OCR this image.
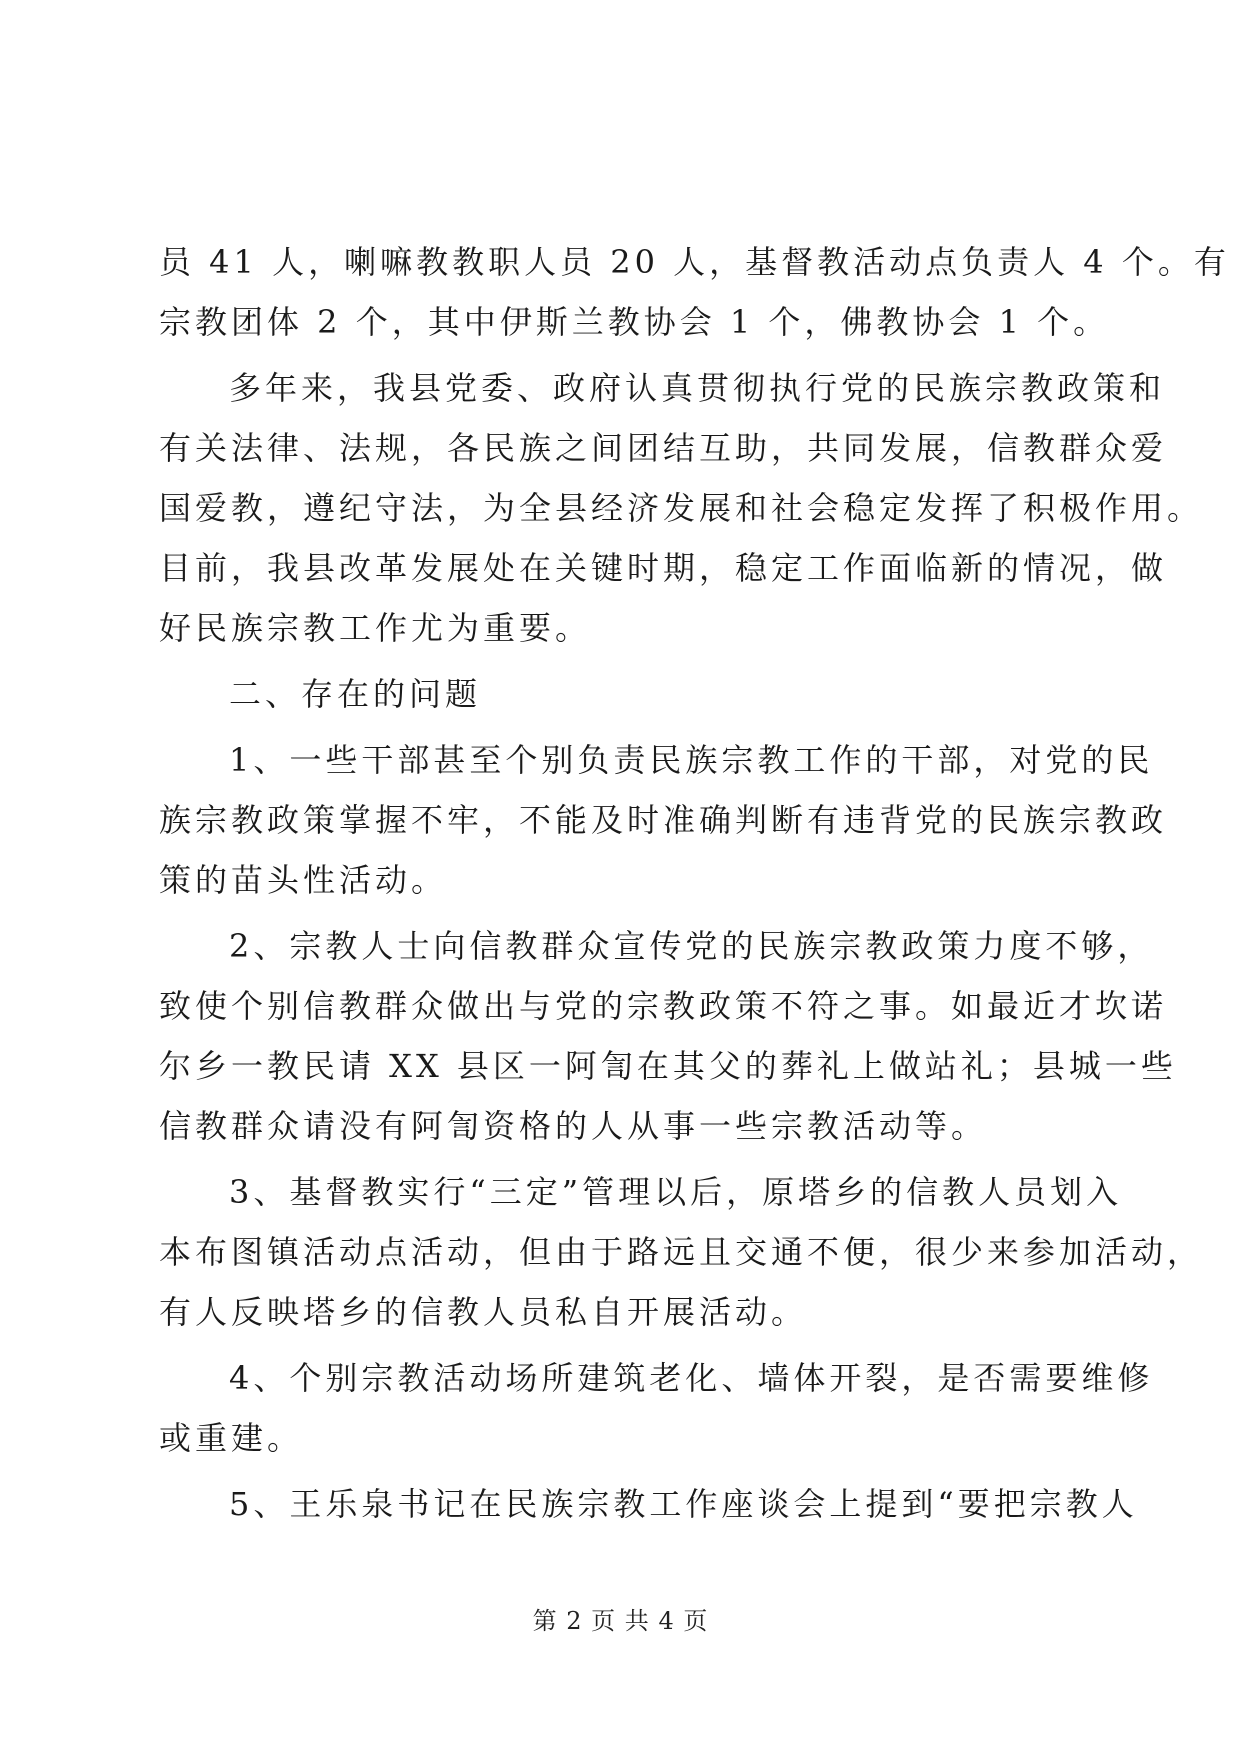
员 41 人，喇嘛教教职人员 20 人，基督教活动点负责人 4 个。有
宗教团体 2 个，其中伊斯兰教协会 1 个，佛教协会 1 个。
多年来，我县党委、政府认真贯彻执行党的民族宗教政策和
有关法律、法规，各民族之间团结互助，共同发展，信教群众爱
国爱教，遵纪守法，为全县经济发展和社会稳定发挥了积极作用。
目前，我县改革发展处在关键时期，稳定工作面临新的情况，做
好民族宗教工作尤为重要。
二、存在的问题
1、一些干部甚至个别负责民族宗教工作的干部，对党的民
族宗教政策掌握不牢，不能及时准确判断有违背党的民族宗教政
策的苗头性活动。
2、宗教人士向信教群众宣传党的民族宗教政策力度不够，
致使个别信教群众做出与党的宗教政策不符之事。如最近才坎诺
尔乡一教民请 XX 县区一阿訇在其父的葬礼上做站礼；县城一些
信教群众请没有阿訇资格的人从事一些宗教活动等。
3、基督教实行“三定”管理以后，原塔乡的信教人员划入
本布图镇活动点活动，但由于路远且交通不便，很少来参加活动，
有人反映塔乡的信教人员私自开展活动。
4、个别宗教活动场所建筑老化、墙体开裂，是否需要维修
或重建。
5、王乐泉书记在民族宗教工作座谈会上提到“要把宗教人
第 2 页 共 4 页
